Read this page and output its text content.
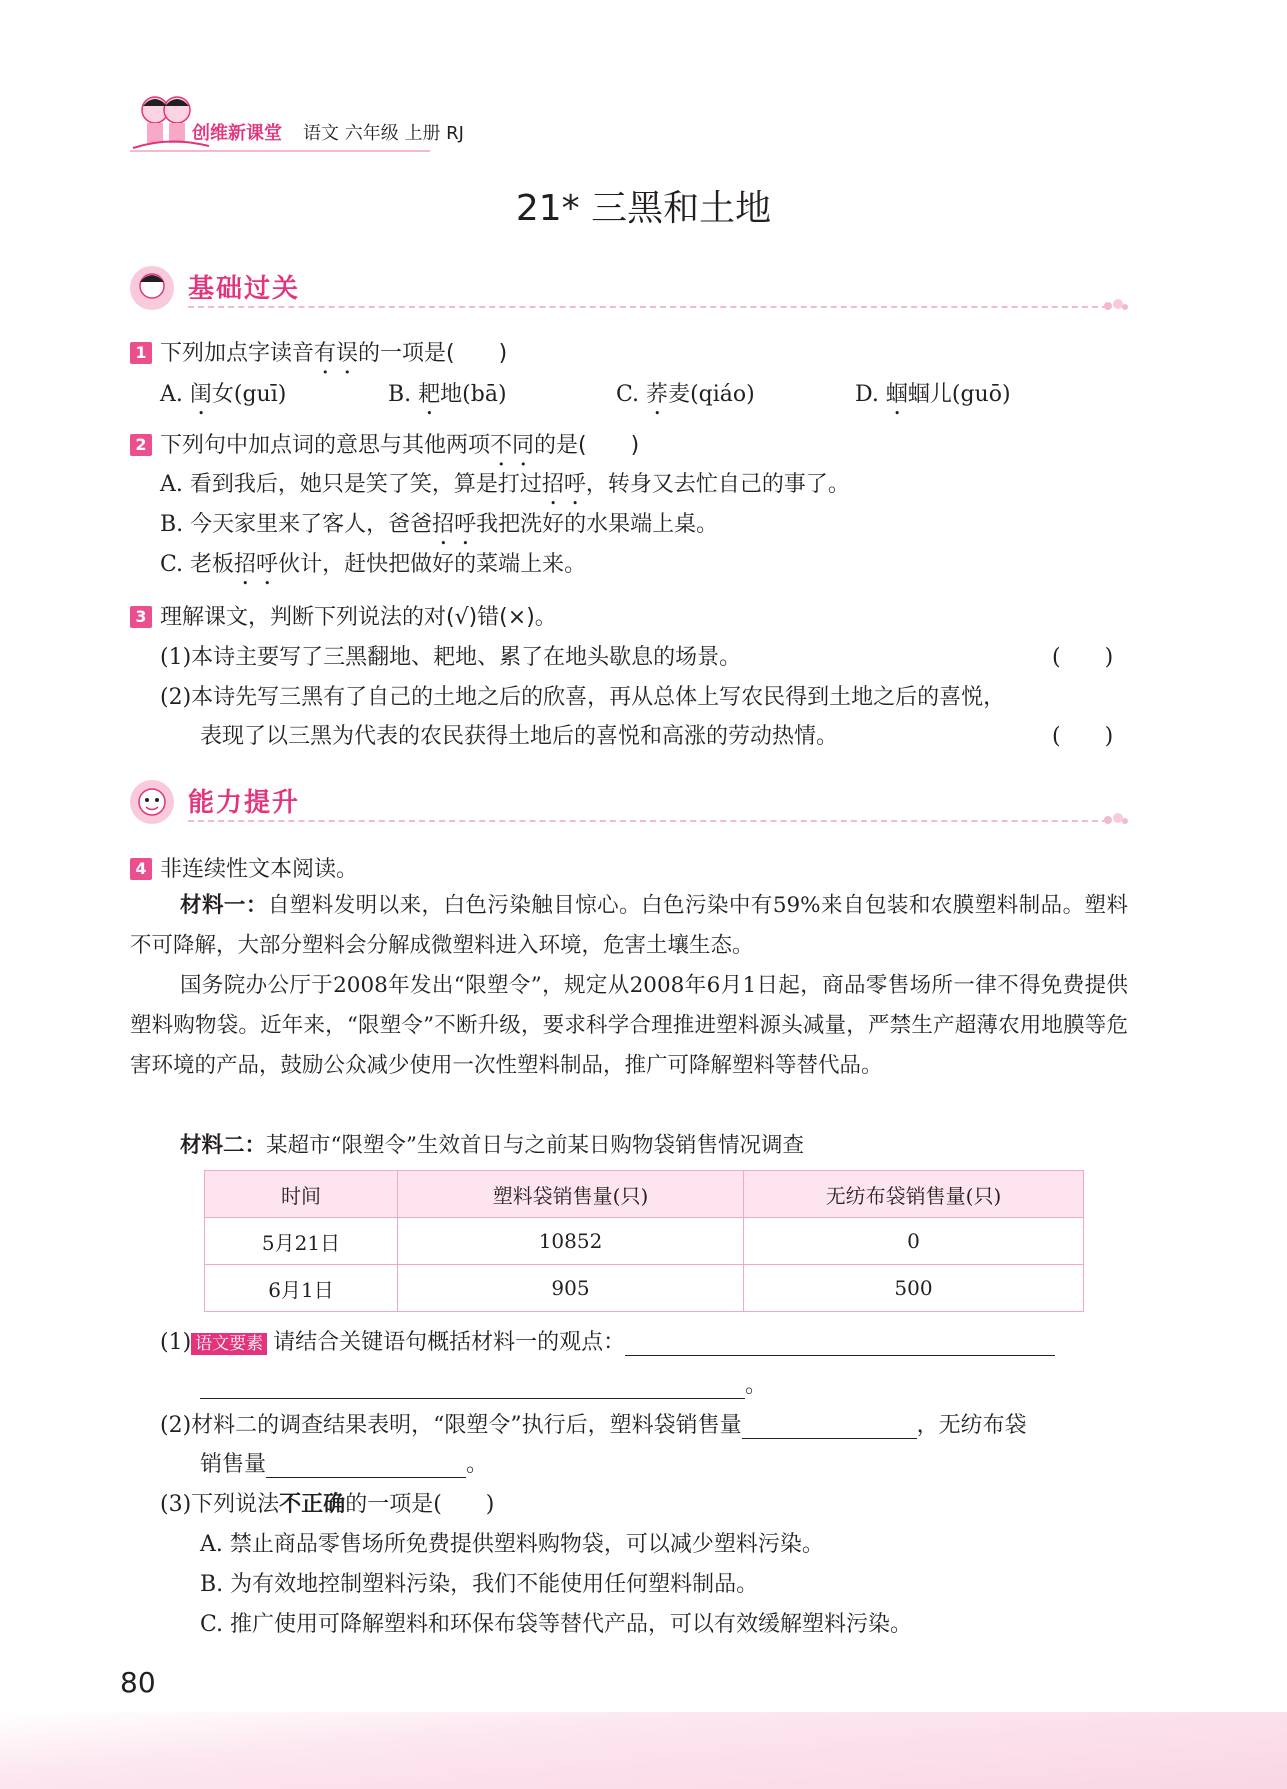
创维新课堂 语文 六年级 上册 RJ
21* 三黑和土地
基础过关
1 下列加点字读音有误的一项是(　　)
A. 闺女(guī)	B. 耙地(bā)	C. 荞麦(qiáo)	D. 蝈蝈儿(guō)
2 下列句中加点词的意思与其他两项不同的是(　　)
A. 看到我后，她只是笑了笑，算是打过招呼，转身又去忙自己的事了。
B. 今天家里来了客人，爸爸招呼我把洗好的水果端上桌。
C. 老板招呼伙计，赶快把做好的菜端上来。
3 理解课文，判断下列说法的对(√)错(×)。
(1)本诗主要写了三黑翻地、耙地、累了在地头歇息的场景。	(　　)
(2)本诗先写三黑有了自己的土地之后的欣喜，再从总体上写农民得到土地之后的喜悦，
表现了以三黑为代表的农民获得土地后的喜悦和高涨的劳动热情。	(　　)
能力提升
4 非连续性文本阅读。
材料一：自塑料发明以来，白色污染触目惊心。白色污染中有59%来自包装和农膜塑料制品。塑料不可降解，大部分塑料会分解成微塑料进入环境，危害土壤生态。
国务院办公厅于2008年发出“限塑令”，规定从2008年6月1日起，商品零售场所一律不得免费提供塑料购物袋。近年来，“限塑令”不断升级，要求科学合理推进塑料源头减量，严禁生产超薄农用地膜等危害环境的产品，鼓励公众减少使用一次性塑料制品，推广可降解塑料等替代品。
材料二：某超市“限塑令”生效首日与之前某日购物袋销售情况调查
时间	塑料袋销售量(只)	无纺布袋销售量(只)
5月21日	10852	0
6月1日	905	500
(1) 语文要素 请结合关键语句概括材料一的观点：
。
(2)材料二的调查结果表明，“限塑令”执行后，塑料袋销售量	，无纺布袋
销售量	。
(3)下列说法不正确的一项是(　　)
A. 禁止商品零售场所免费提供塑料购物袋，可以减少塑料污染。
B. 为有效地控制塑料污染，我们不能使用任何塑料制品。
C. 推广使用可降解塑料和环保布袋等替代产品，可以有效缓解塑料污染。
80
